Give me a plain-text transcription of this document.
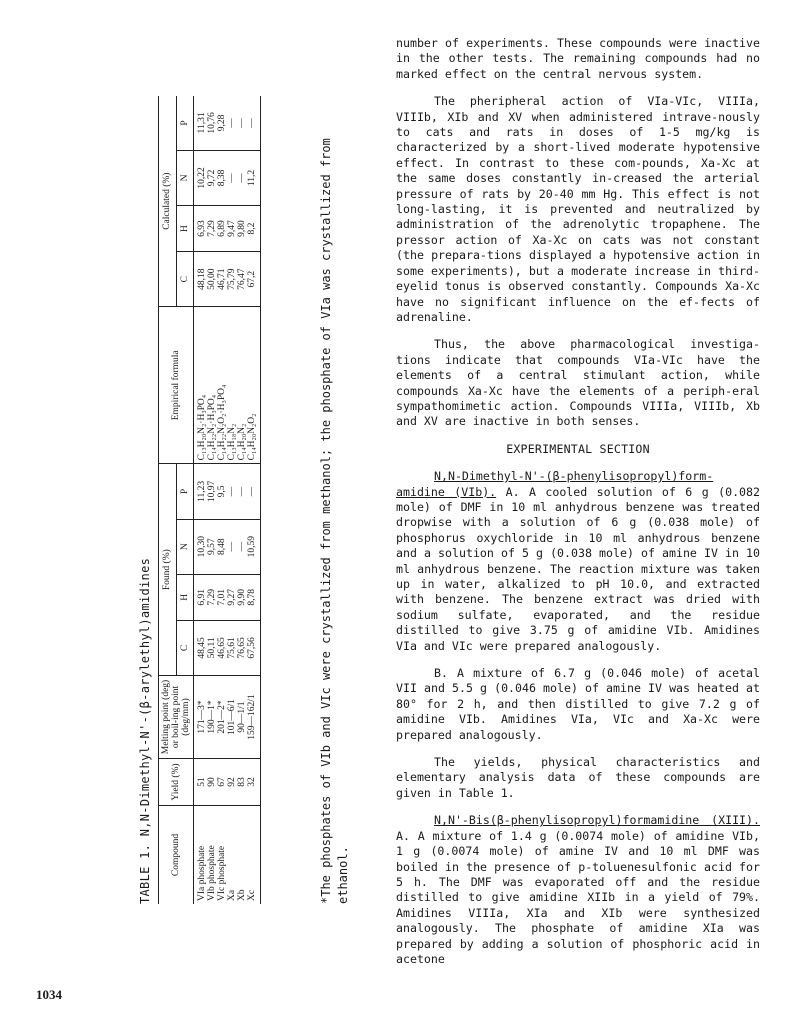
TABLE 1. N,N-Dimethyl-N'-(β-arylethyl)amidines Compound	Yield (%)	Melting point (deg) or boil-ing point (deg/mm)	Found (%)				Empirical formula	Calculated (%)			
			C	H	N	P		C	H	N	P
VIa phosphate	51	171—3*	48,45	6,91	10,30	11,23	C₁₃H₂₀N₂·H₃PO₄	48,18	6,93	10,22	11,31
VIb phosphate	90	190—1*	50,11	7,29	9,57	10,97	C₁₄H₂₂N₂·H₃PO₄	50,00	7,29	9,72	10,76
VIc phosphate	67	201—2*	46,65	7,01	8,48	9,5	C₁₄H₂₂N₂O₂·H₃PO₄	46,71	6,89	8,38	9,28
Xa	92	101—6/1	75,61	9,27	—	—	C₁₃H₁₈N₂	75,79	9,47	—	—
Xb	83	90—1/1	76,65	9,90	—	—	C₁₄H₂₀N₂	76,47	9,80	—	—
Xc	32	159—162/1	67,56	8,78	10,59	—	C₁₄H₂₀N₂O₂	67,2	8,2	11,2	—
*The phosphates of VIb and VIc were crystallized from methanol; the phosphate of VIa was crystallized from ethanol.

number of experiments. These compounds were inactive in the other tests. The remaining compounds had no marked effect on the central nervous system.

The pheripheral action of VIa-VIc, VIIIa, VIIIb, XIb and XV when administered intrave-nously to cats and rats in doses of 1-5 mg/kg is characterized by a short-lived moderate hypotensive effect. In contrast to these com-pounds, Xa-Xc at the same doses constantly in-creased the arterial pressure of rats by 20-40 mm Hg. This effect is not long-lasting, it is prevented and neutralized by administration of the adrenolytic tropaphene. The pressor action of Xa-Xc on cats was not constant (the prepara-tions displayed a hypotensive action in some experiments), but a moderate increase in third-eyelid tonus is observed constantly. Compounds Xa-Xc have no significant influence on the ef-fects of adrenaline.

Thus, the above pharmacological investiga-tions indicate that compounds VIa-VIc have the elements of a central stimulant action, while compounds Xa-Xc have the elements of a periph-eral sympathomimetic action. Compounds VIIIa, VIIIb, Xb and XV are inactive in both senses.

EXPERIMENTAL SECTION

N,N-Dimethyl-N'-(β-phenylisopropyl)form-amidine (VIb). A. A cooled solution of 6 g (0.082 mole) of DMF in 10 ml anhydrous benzene was treated dropwise with a solution of 6 g (0.038 mole) of phosphorus oxychloride in 10 ml anhydrous benzene and a solution of 5 g (0.038 mole) of amine IV in 10 ml anhydrous benzene. The reaction mixture was taken up in water, alkalized to pH 10.0, and extracted with benzene. The benzene extract was dried with sodium sulfate, evaporated, and the residue distilled to give 3.75 g of amidine VIb. Amidines VIa and VIc were prepared analogously.

B. A mixture of 6.7 g (0.046 mole) of acetal VII and 5.5 g (0.046 mole) of amine IV was heated at 80° for 2 h, and then distilled to give 7.2 g of amidine VIb. Amidines VIa, VIc and Xa-Xc were prepared analogously.

The yields, physical characteristics and elementary analysis data of these compounds are given in Table 1.

N,N'-Bis(β-phenylisopropyl)formamidine (XIII). A. A mixture of 1.4 g (0.0074 mole) of amidine VIb, 1 g (0.0074 mole) of amine IV and 10 ml DMF was boiled in the presence of p-toluenesulfonic acid for 5 h. The DMF was evaporated off and the residue distilled to give amidine XIIb in a yield of 79%. Amidines VIIIa, XIa and XIb were synthesized analogously. The phosphate of amidine XIa was prepared by adding a solution of phosphoric acid in acetone

1034
